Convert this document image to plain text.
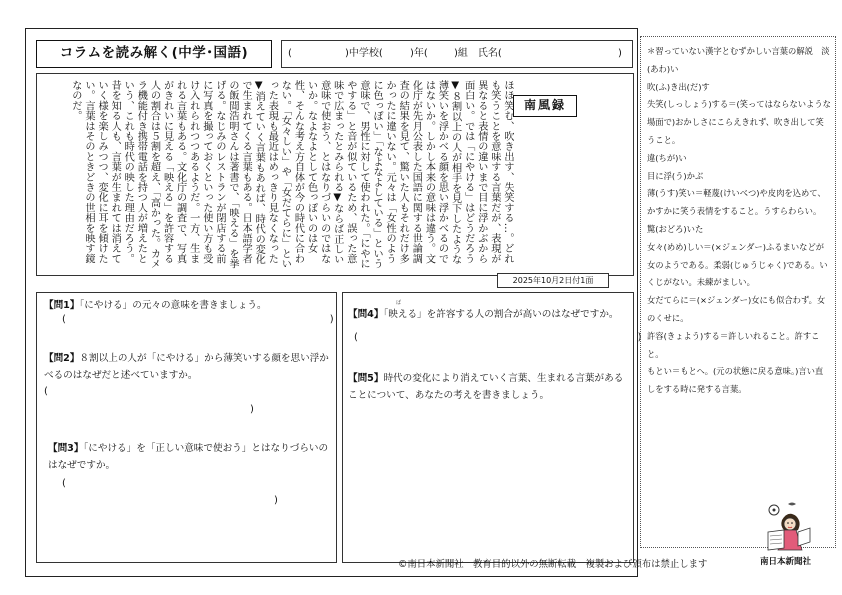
コラムを読み解く(中学･国語)	(	)中学校(	)年(	)組　氏名(	)
ほほ笑む、吹き出す、失笑する…。どれも笑うことを意味する言葉だが、表現が異なると表情の違いまで目に浮かぶから面白い。では「にやける」はどうだろう▼８割以上の人が相手を見下したような薄笑いを浮かべる顔を思い浮かべるのではないか。しかし本来の意味は違う。文化庁が先月公表した国語に関する世論調査の結果を見て、驚いた人もそれだけ多かったに違いない。元々は「女性のように色っぽい」「なよなよしている」という意味で、男性に対して使われた。「にやにやする」と音が似ているため、誤った意味で広まったとみられる▼ならば正しい意味で使おう、とはなりづらいのではないか。なよなよとして色っぽいのは女性、そんな考え方自体が今の時代に合わない。「女々しい」や「女だてらに」といった表現も最近はめっきり見なくなった▼消えていく言葉もあれば、時代の変化で生まれてくる言葉もある。日本語学者の飯間浩明さんは著書で、「映える」を挙げる。なじみのレストランが閉店する前に写真を撮っておくといった使い方も受け入れられつつあるようだ。一方、生まれる言葉もある。文化庁の調査で、写真がきれいに見える「映える」を許容する人の割合は５割を超え、「高かった。カメラ機能付き携帯電話を持つ人が増えたという、これも時代の映した理由だろう。昔を知る人も、言葉が生まれては消えていく様を楽しみつつ、変化に耳を傾けたい。言葉はそのときどきの世相を映す鏡なのだ。	南風録
2025年10月2日付1面
【問1】「にやける」の元々の意味を書きましょう。
(                                                                                   )
【問2】８割以上の人が「にやける」から薄笑いする顔を思い浮かべるのはなぜだと述べていますか。
(
)
【問3】「にやける」を「正しい意味で使おう」とはなりづらいのはなぜですか。
(
)
ば
【問4】「映える」を許容する人の割合が高いのはなぜですか。
(                                                                                        )
【問5】時代の変化により消えていく言葉、生まれる言葉があることについて、あなたの考えを書きましょう。
＊習っていない漢字とむずかしい言葉の解説　淡(あわ)い
吹(ふ)き出(だ)す
失笑(しっしょう)する＝(笑ってはならないような場面で)おかしさにこらえきれず、吹き出して笑うこと。
違(ちが)い
目に浮(う)かぶ
薄(うす)笑い＝軽蔑(けいべつ)や皮肉を込めて、かすかに笑う表情をすること。うすらわらい。
驚(おどろ)いた
女々(めめ)しい＝(×ジェンダー)ふるまいなどが女のようである。柔弱(じゅうじゃく)である。いくじがない。未練がましい。
女だてらに＝(×ジェンダー)女にも似合わず。女のくせに。
許容(きょよう)する＝許しいれること。許すこと。
もとい＝もとへ。(元の状態に戻る意味。)言い直しをする時に発する言葉。
©南日本新聞社　教育目的以外の無断転載　複製および頒布は禁止します	南日本新聞社
